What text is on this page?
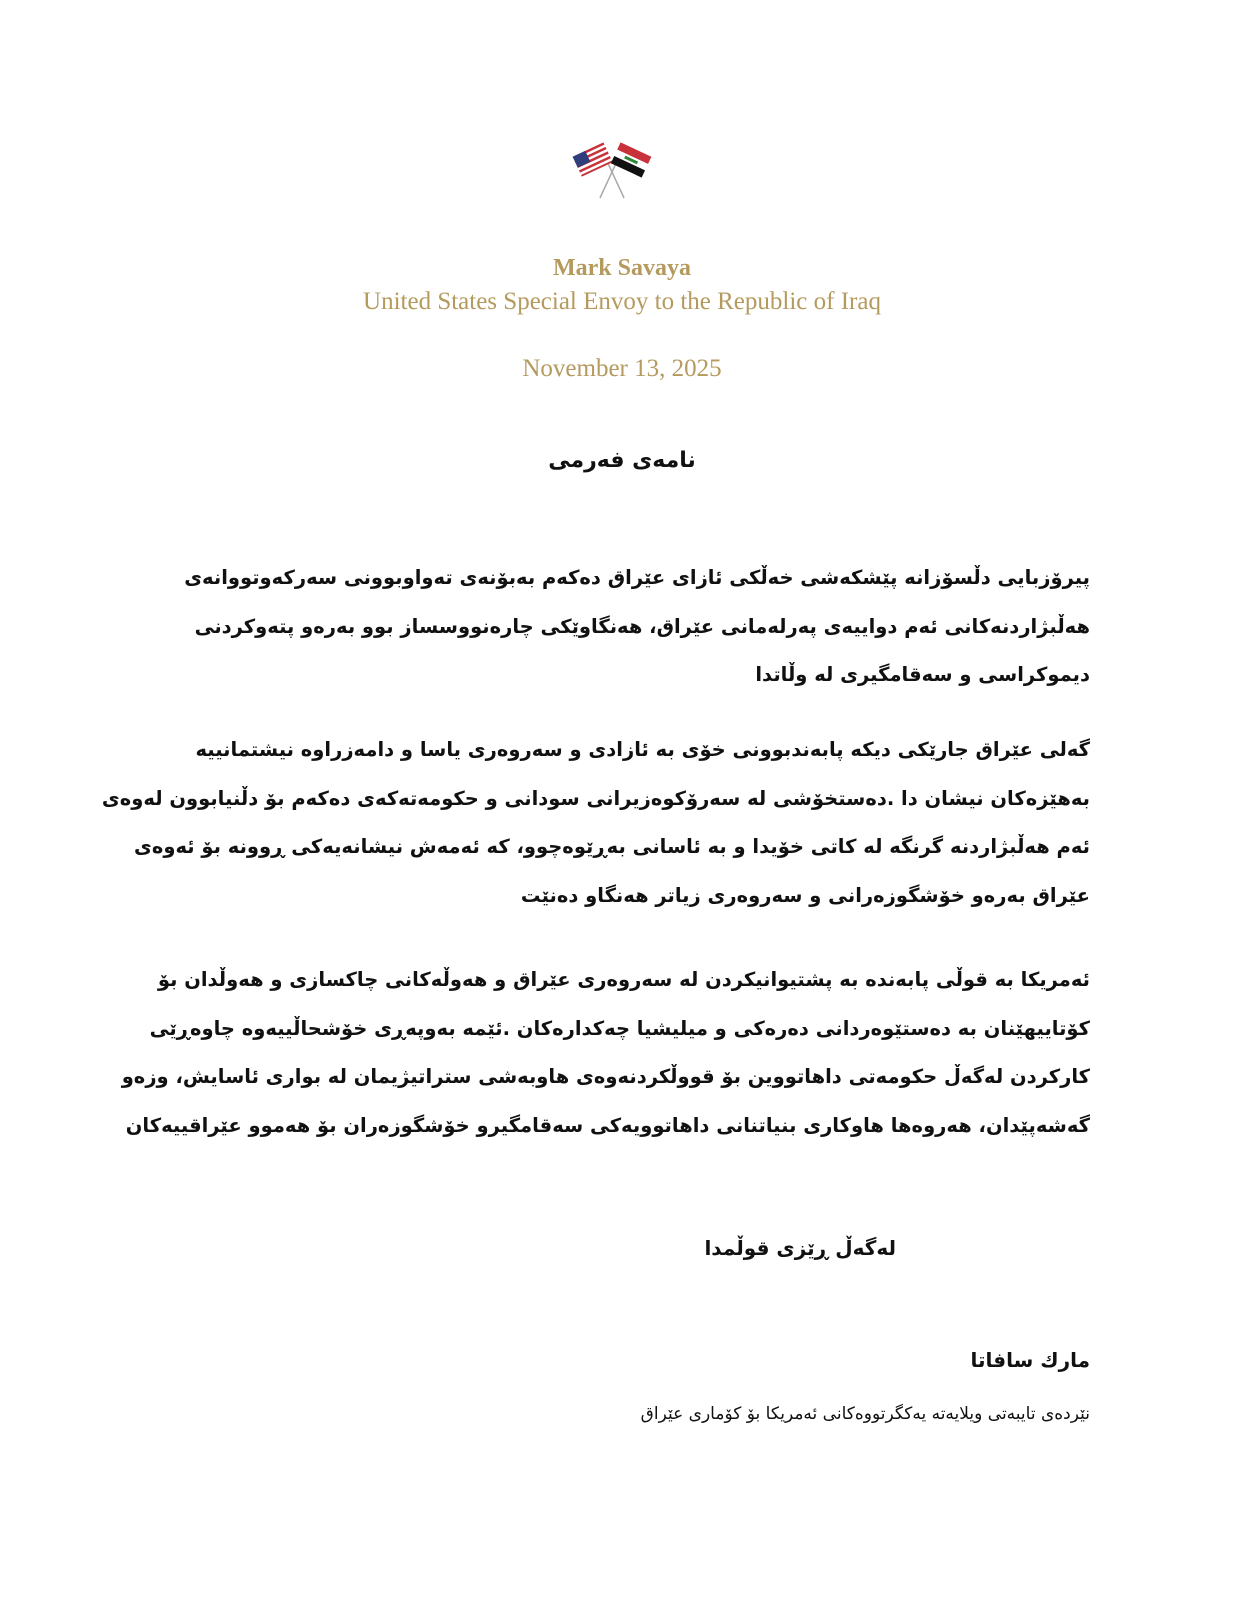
Mark Savaya
United States Special Envoy to the Republic of Iraq
November 13, 2025
نامەی فەرمی
پیرۆزبایی دڵسۆزانە پێشکەشی خەڵکی ئازای عێراق دەکەم بەبۆنەی تەواوبوونی سەرکەوتووانەی
هەڵبژاردنەکانی ئەم دواییەی پەرلەمانی عێراق، هەنگاوێکی چارەنووسساز بوو بەرەو پتەوکردنی
دیموکراسی و سەقامگیری لە وڵاتدا
گەلی عێراق جارێکی دیکە پابەندبوونی خۆی بە ئازادی و سەروەری یاسا و دامەزراوە نیشتمانییە
بەهێزەکان نیشان دا .دەستخۆشی لە سەرۆکوەزیرانی سودانی و حکومەتەکەی دەکەم بۆ دڵنیابوون لەوەی
ئەم هەڵبژاردنە گرنگە لە کاتی خۆیدا و بە ئاسانی بەڕێوەچوو، کە ئەمەش نیشانەیەکی ڕوونە بۆ ئەوەی
عێراق بەرەو خۆشگوزەرانی و سەروەری زیاتر هەنگاو دەنێت
ئەمریکا بە قوڵی پابەندە بە پشتیوانیکردن لە سەروەری عێراق و هەوڵەکانی چاکسازی و هەوڵدان بۆ
کۆتاییهێنان بە دەستێوەردانی دەرەکی و میلیشیا چەکدارەکان .ئێمە بەوپەڕی خۆشحاڵییەوە چاوەڕێی
کارکردن لەگەڵ حکومەتی داهاتووین بۆ قووڵکردنەوەی هاوبەشی ستراتیژیمان لە بواری ئاسایش، وزەو
گەشەپێدان، هەروەها هاوکاری بنیاتنانی داهاتوویەکی سەقامگیرو خۆشگوزەران بۆ هەموو عێراقییەکان
لەگەڵ ڕێزی قوڵمدا
مارك سافاتا
نێردەی تایبەتی ویلایەتە یەکگرتووەکانی ئەمریکا بۆ کۆماری عێراق
